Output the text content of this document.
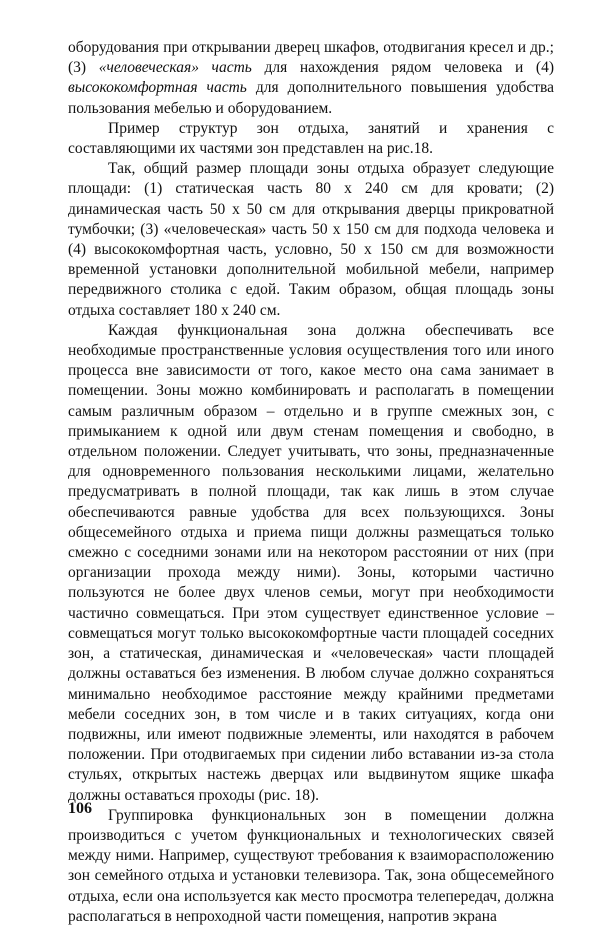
оборудования при открывании дверец шкафов, отодвигания кресел и др.; (3) «человеческая» часть для нахождения рядом человека и (4) высококомфортная часть для дополнительного повышения удобства пользования мебелью и оборудованием.

Пример структур зон отдыха, занятий и хранения с составляющими их частями зон представлен на рис.18.

Так, общий размер площади зоны отдыха образует следующие площади: (1) статическая часть 80 х 240 см для кровати; (2) динамическая часть 50 х 50 см для открывания дверцы прикроватной тумбочки; (3) «человеческая» часть 50 х 150 см для подхода человека и (4) высококомфортная часть, условно, 50 х 150 см для возможности временной установки дополнительной мобильной мебели, например передвижного столика с едой. Таким образом, общая площадь зоны отдыха составляет 180 х 240 см.

Каждая функциональная зона должна обеспечивать все необходимые пространственные условия осуществления того или иного процесса вне зависимости от того, какое место она сама занимает в помещении. Зоны можно комбинировать и располагать в помещении самым различным образом – отдельно и в группе смежных зон, с примыканием к одной или двум стенам помещения и свободно, в отдельном положении. Следует учитывать, что зоны, предназначенные для одновременного пользования несколькими лицами, желательно предусматривать в полной площади, так как лишь в этом случае обеспечиваются равные удобства для всех пользующихся. Зоны общесемейного отдыха и приема пищи должны размещаться только смежно с соседними зонами или на некотором расстоянии от них (при организации прохода между ними). Зоны, которыми частично пользуются не более двух членов семьи, могут при необходимости частично совмещаться. При этом существует единственное условие – совмещаться могут только высококомфортные части площадей соседних зон, а статическая, динамическая и «человеческая» части площадей должны оставаться без изменения. В любом случае должно сохраняться минимально необходимое расстояние между крайними предметами мебели соседних зон, в том числе и в таких ситуациях, когда они подвижны, или имеют подвижные элементы, или находятся в рабочем положении. При отодвигаемых при сидении либо вставании из-за стола стульях, открытых настежь дверцах или выдвинутом ящике шкафа должны оставаться проходы (рис. 18).

Группировка функциональных зон в помещении должна производиться с учетом функциональных и технологических связей между ними. Например, существуют требования к взаиморасположению зон семейного отдыха и установки телевизора. Так, зона общесемейного отдыха, если она используется как место просмотра телепередач, должна располагаться в непроходной части помещения, напротив экрана

106
